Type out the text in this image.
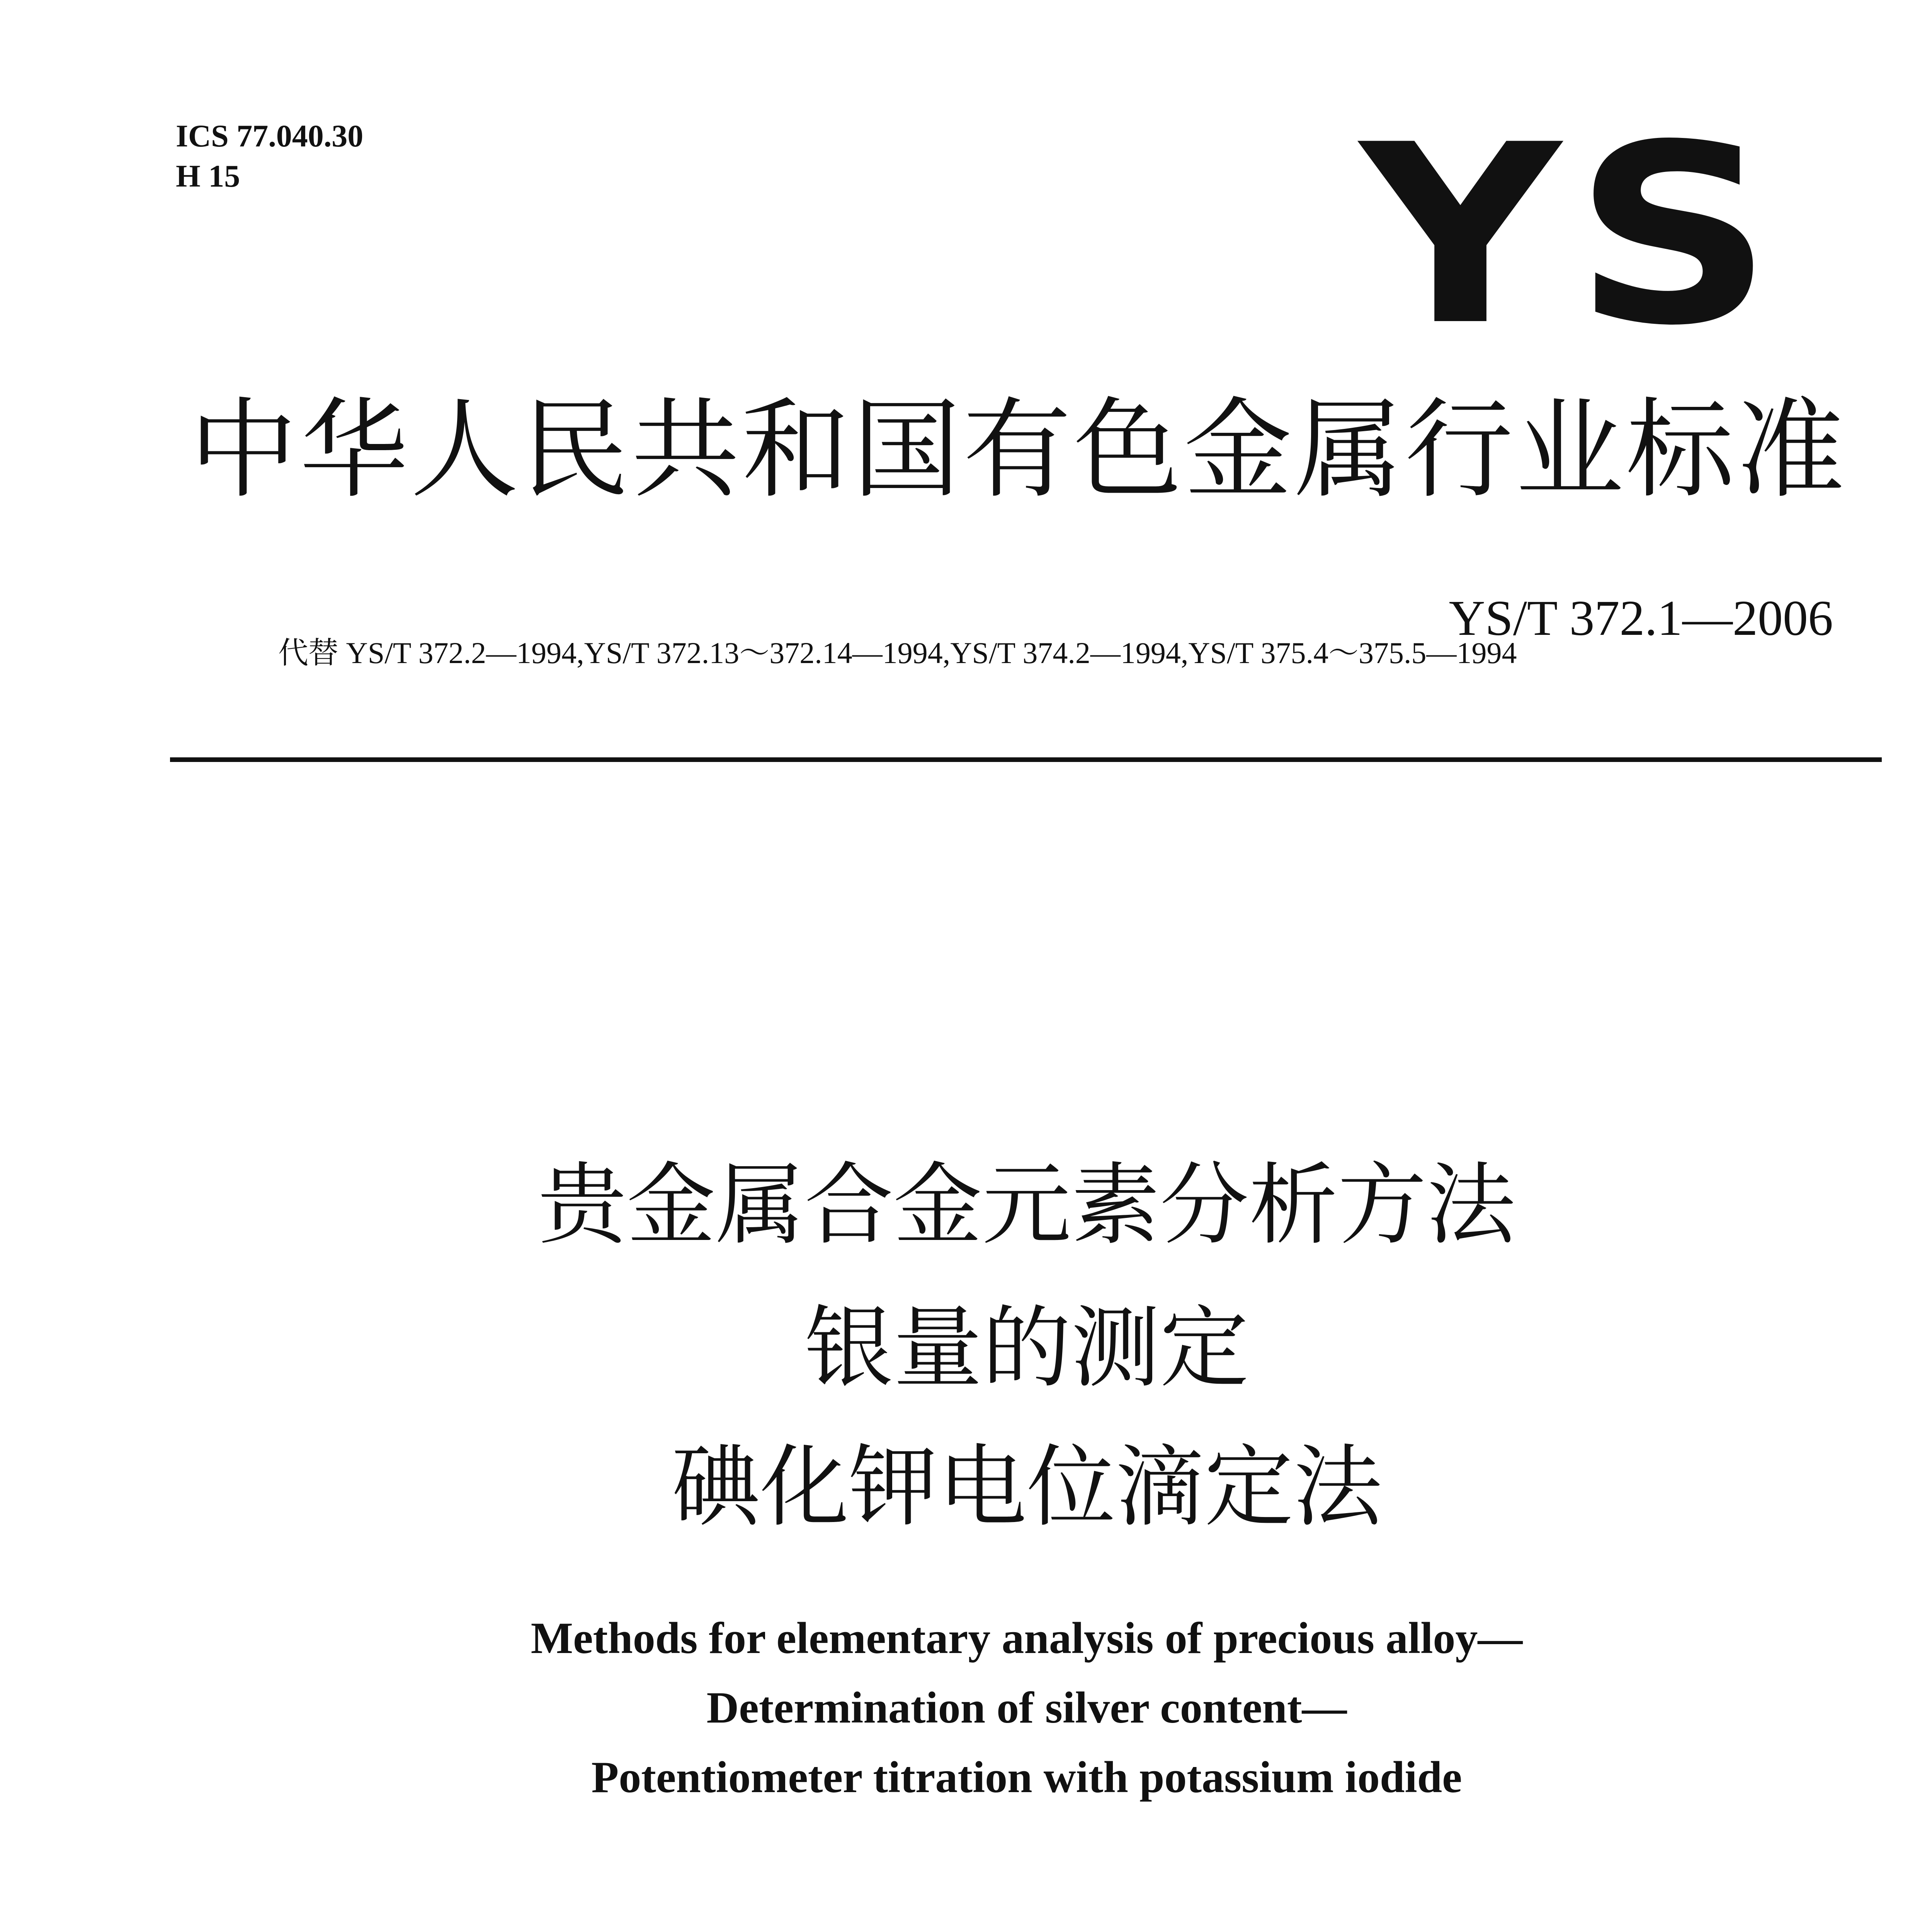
ICS 77.040.30
H 15	YS
中华人民共和国有色金属行业标准
YS/T 372.1—2006
代替 YS/T 372.2—1994,YS/T 372.13～372.14—1994,YS/T 374.2—1994,YS/T 375.4～375.5—1994
贵金属合金元素分析方法
银量的测定
碘化钾电位滴定法
Methods for elementary analysis of precious alloy—
Determination of silver content—
Potentiometer titration with potassium iodide
